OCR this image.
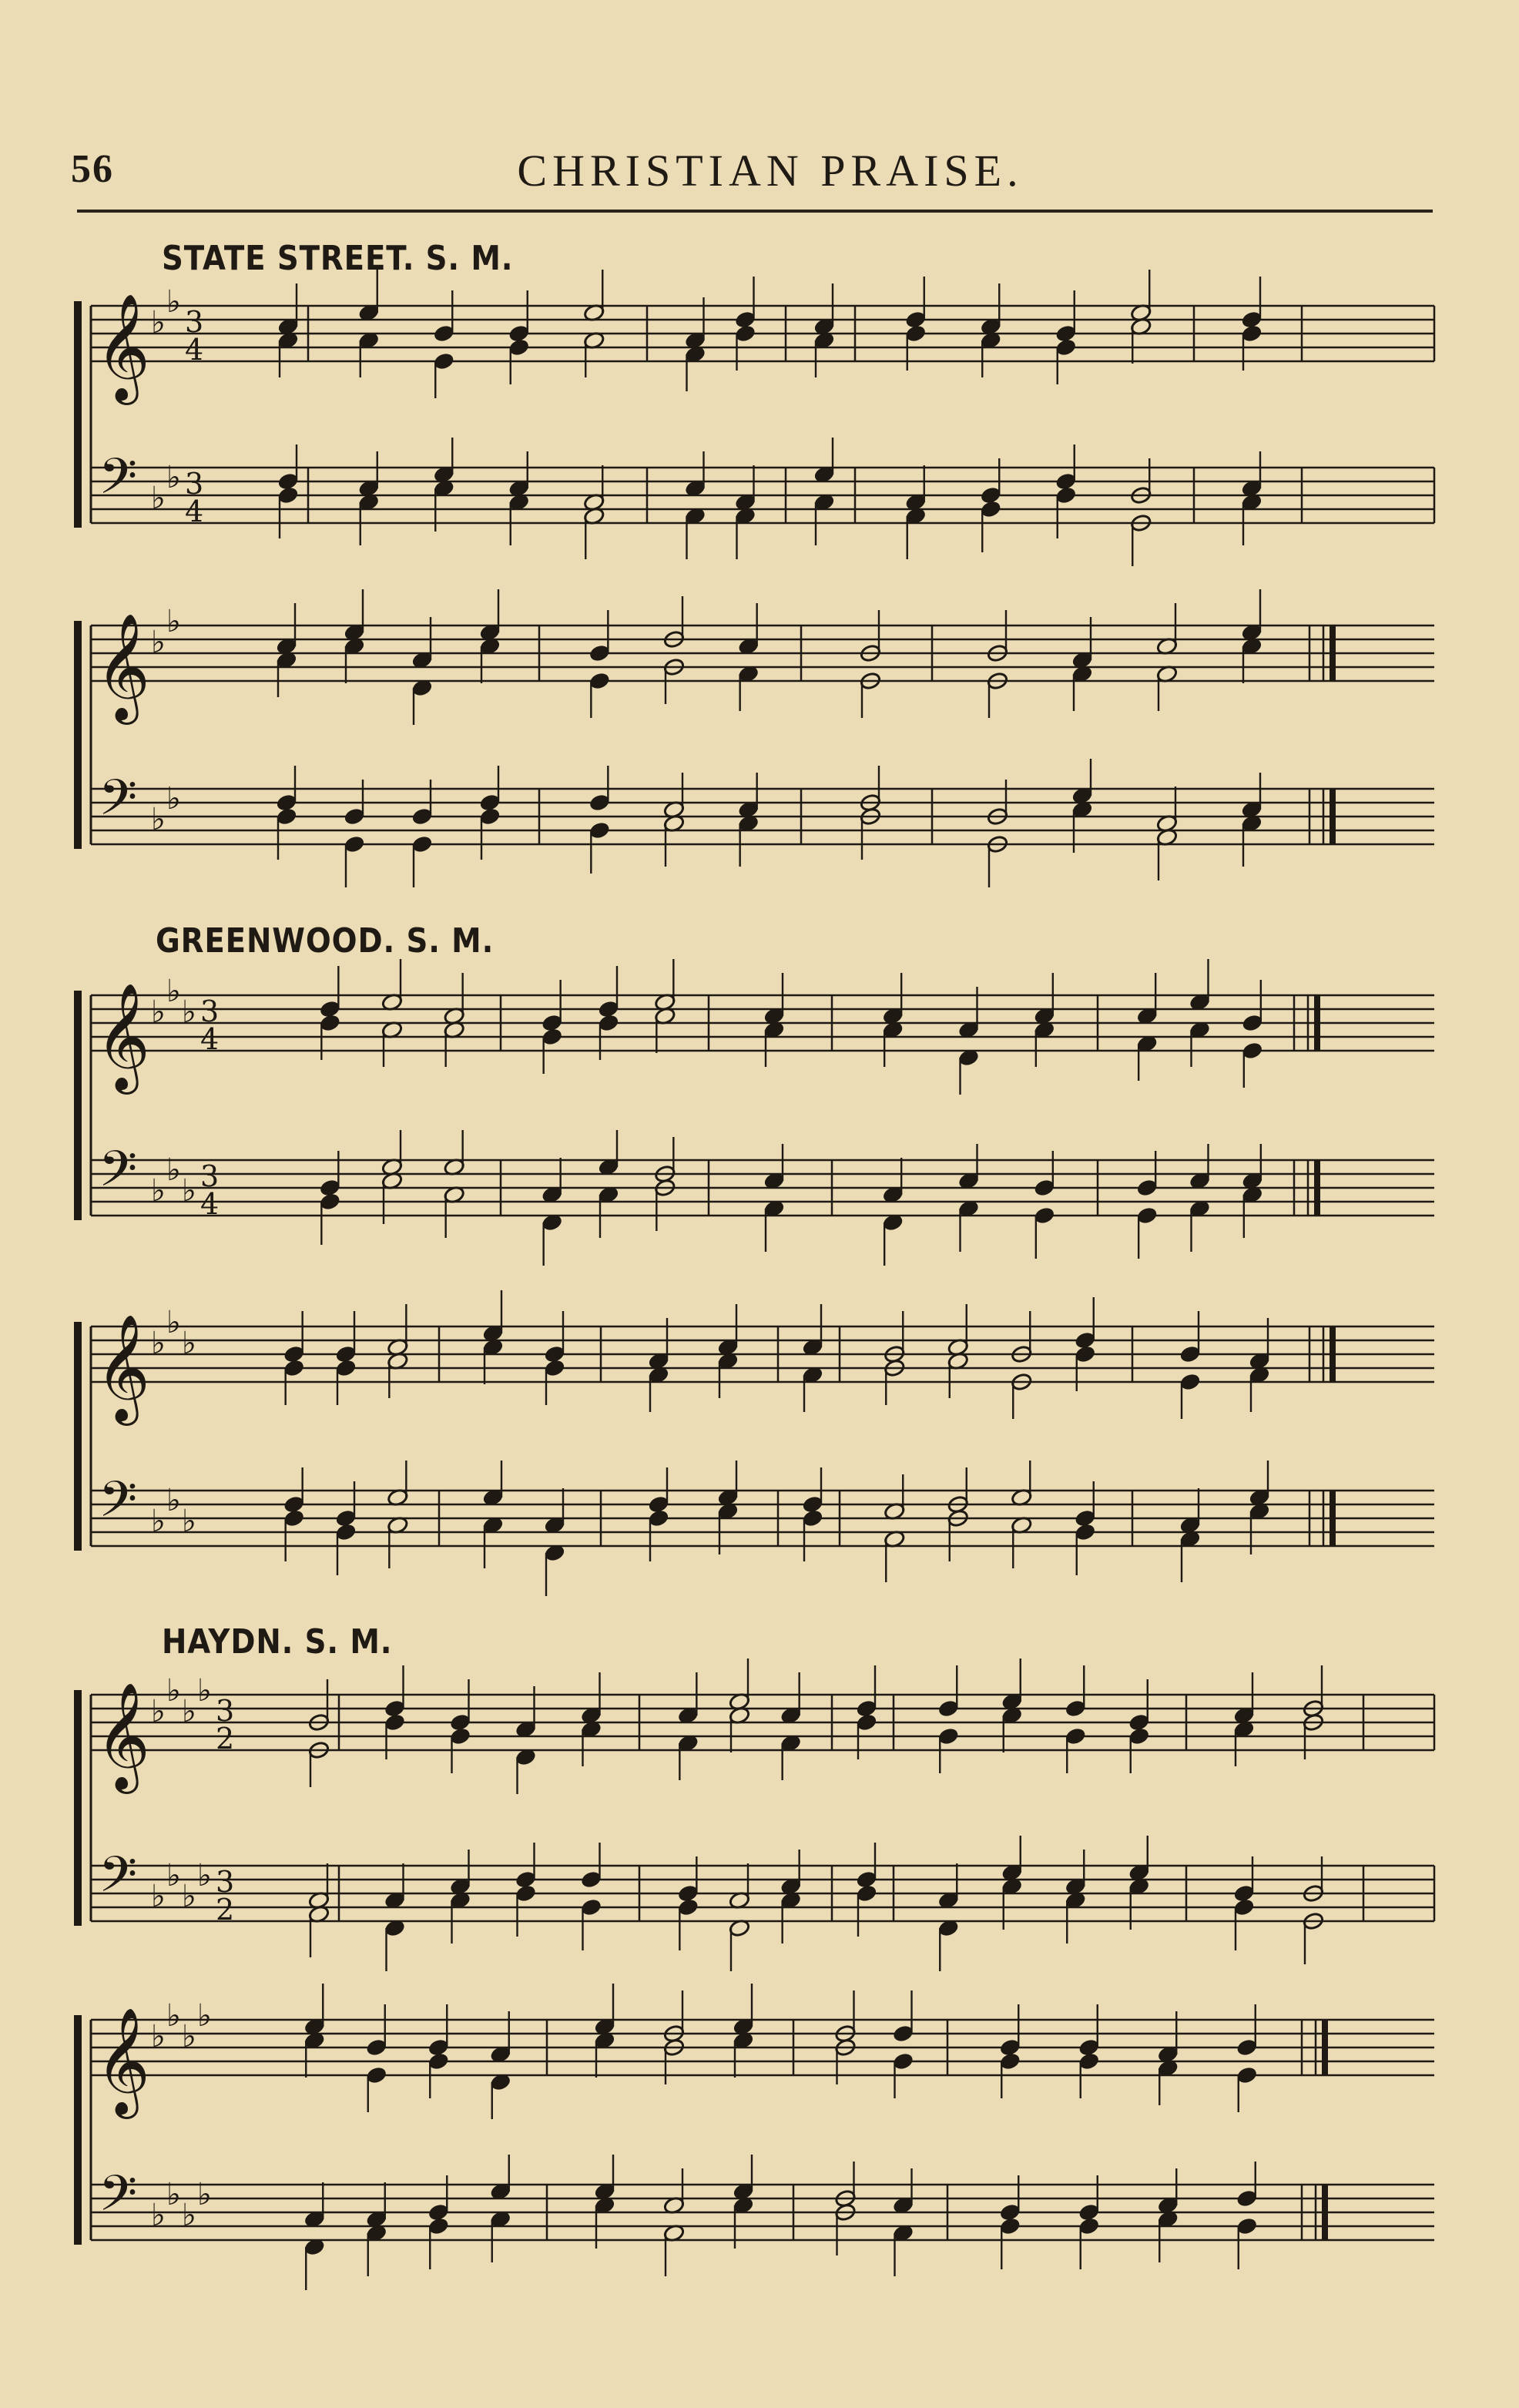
56	CHRISTIAN PRAISE.
STATE STREET. S. M.
GREENWOOD. S. M.
HAYDN. S. M.
𝄞
𝄢
♭
♭
♭
♭
3
4
3
4
𝄞
𝄢
♭
♭
♭
♭
𝄞
𝄢
♭
♭
♭
♭
♭
♭
3
4
3
4
𝄞
𝄢
♭
♭
♭
♭
♭
♭
𝄞
𝄢
♭
♭
♭
♭
♭
♭
♭
♭
3
2
3
2
𝄞
𝄢
♭
♭
♭
♭
♭
♭
♭
♭
